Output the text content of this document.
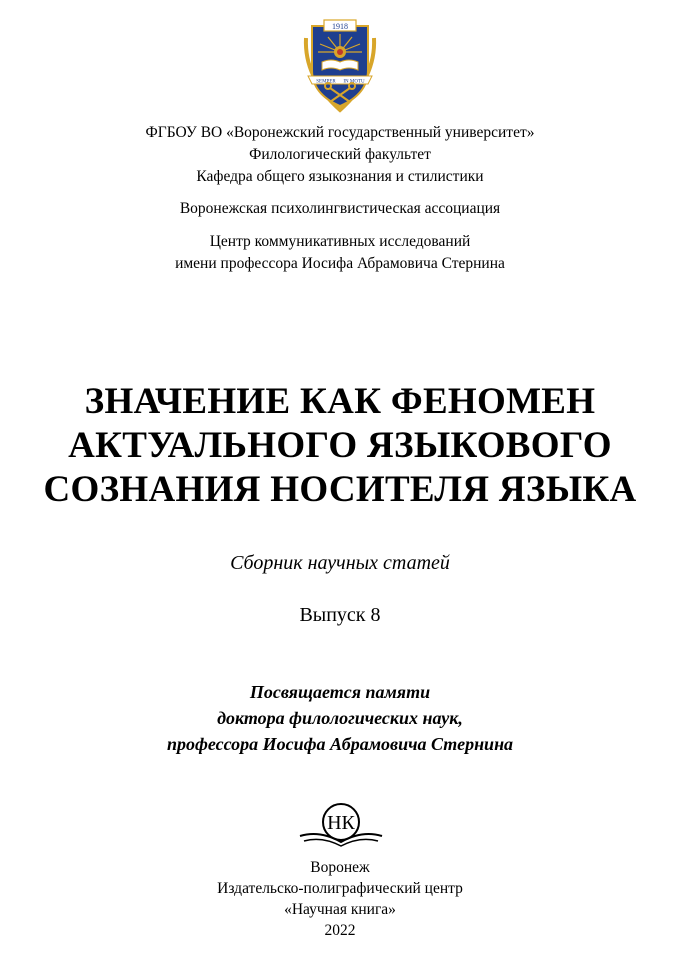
1918
SEMPER IN MOTU
ФГБОУ ВО «Воронежский государственный университет»
Филологический факультет
Кафедра общего языкознания и стилистики
Воронежская психолингвистическая ассоциация
Центр коммуникативных исследований
имени профессора Иосифа Абрамовича Стернина
ЗНАЧЕНИЕ КАК ФЕНОМЕН
АКТУАЛЬНОГО ЯЗЫКОВОГО
СОЗНАНИЯ НОСИТЕЛЯ ЯЗЫКА
Сборник научных статей
Выпуск 8
Посвящается памяти
доктора филологических наук,
профессора Иосифа Абрамовича Стернина
НК
Воронеж
Издательско-полиграфический центр
«Научная книга»
2022
